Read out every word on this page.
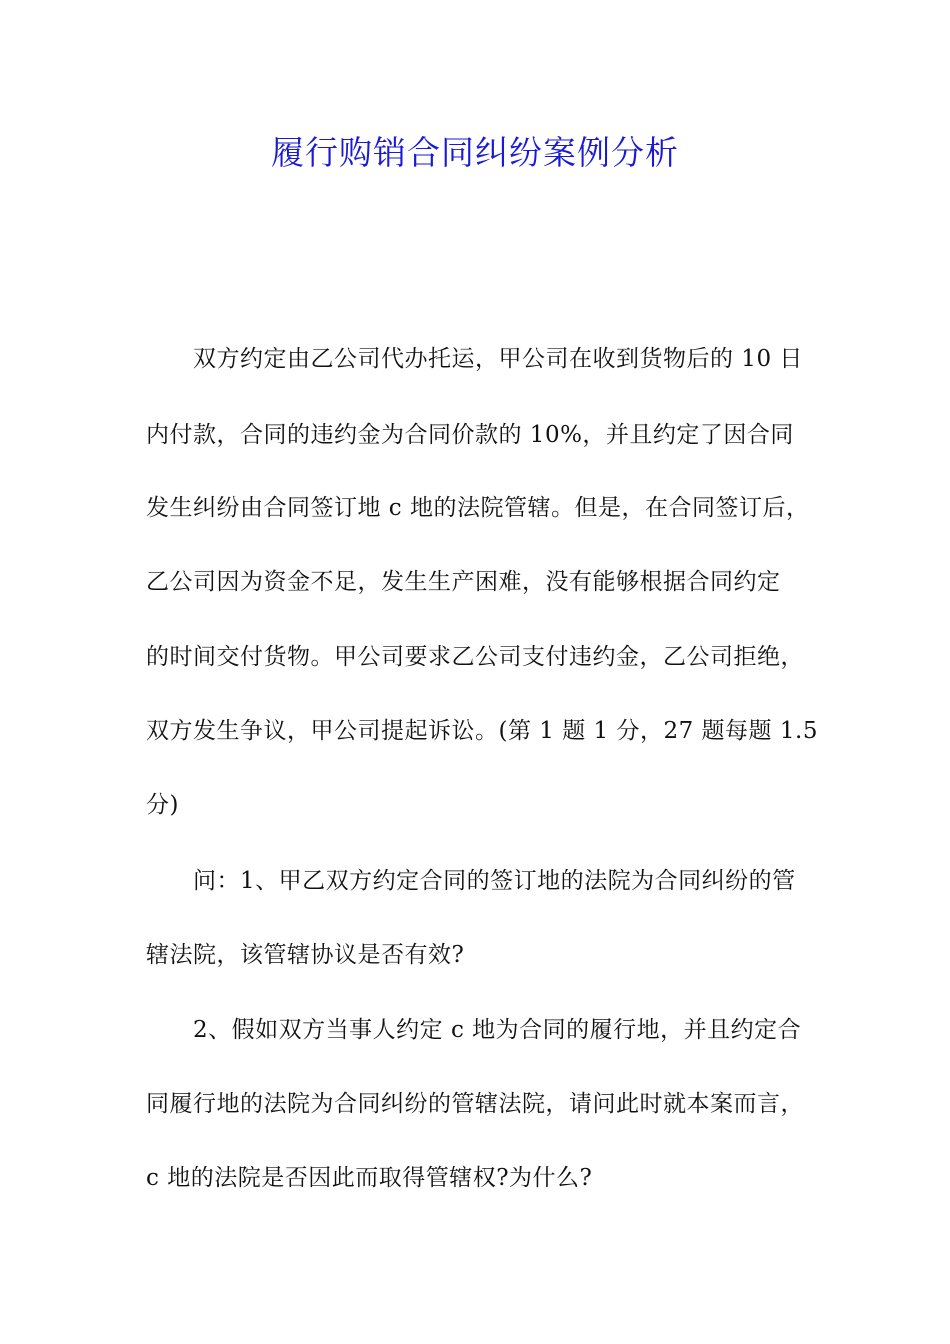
履行购销合同纠纷案例分析
　　双方约定由乙公司代办托运，甲公司在收到货物后的 10 日
内付款，合同的违约金为合同价款的 10%，并且约定了因合同
发生纠纷由合同签订地 c 地的法院管辖。但是，在合同签订后，
乙公司因为资金不足，发生生产困难，没有能够根据合同约定
的时间交付货物。甲公司要求乙公司支付违约金，乙公司拒绝，
双方发生争议，甲公司提起诉讼。(第 1 题 1 分，27 题每题 1.5
分)
　　问：1、甲乙双方约定合同的签订地的法院为合同纠纷的管
辖法院，该管辖协议是否有效?
　　2、假如双方当事人约定 c 地为合同的履行地，并且约定合
同履行地的法院为合同纠纷的管辖法院，请问此时就本案而言，
c 地的法院是否因此而取得管辖权?为什么?
